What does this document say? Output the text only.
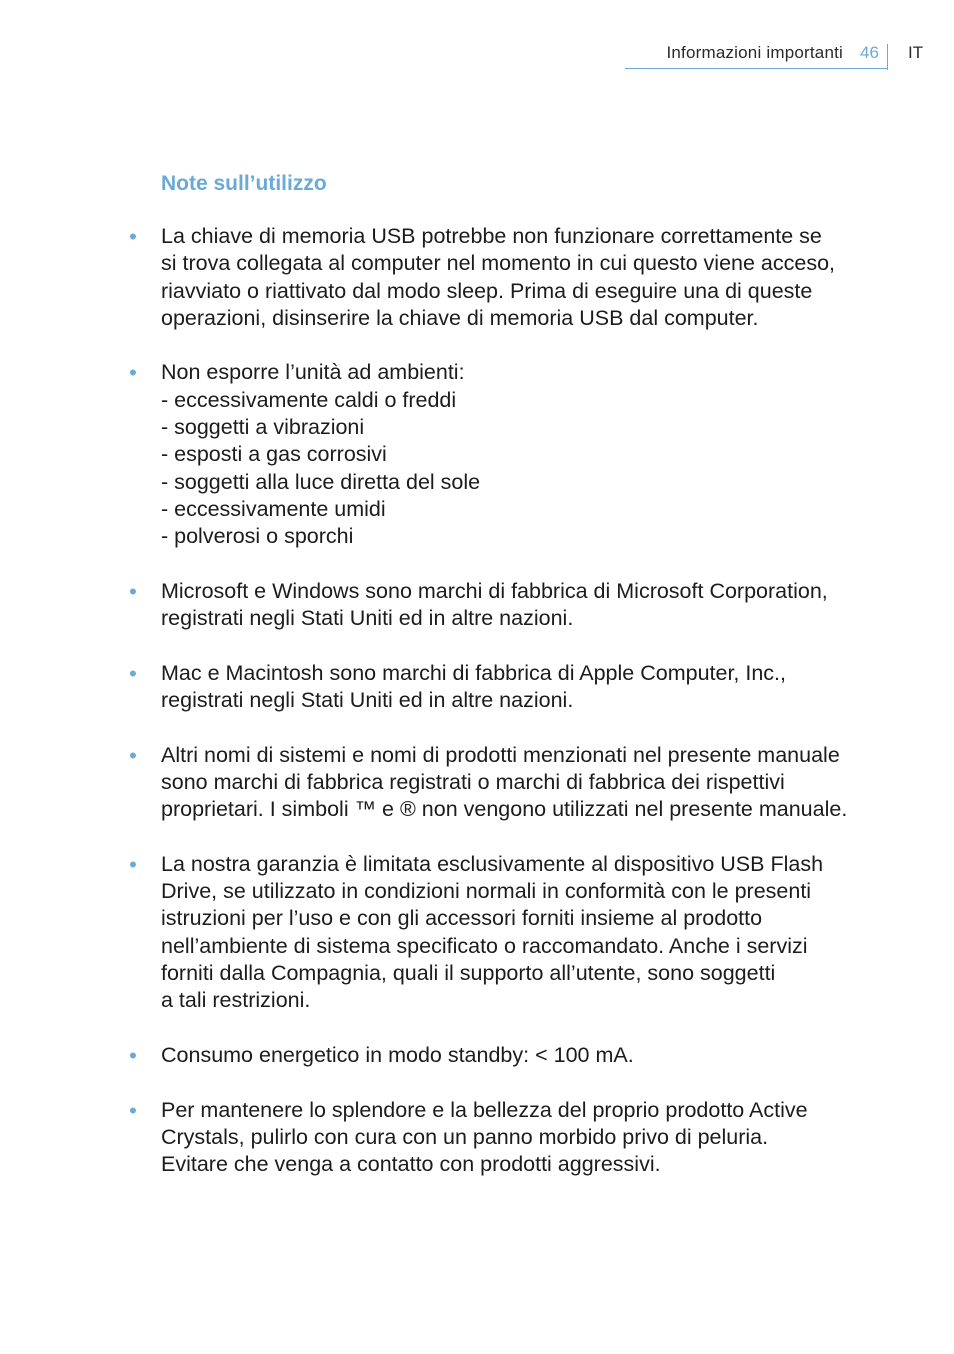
Informazioni importanti 46 IT
Note sull’utilizzo
• La chiave di memoria USB potrebbe non funzionare correttamente se
si trova collegata al computer nel momento in cui questo viene acceso,
riavviato o riattivato dal modo sleep. Prima di eseguire una di queste
operazioni, disinserire la chiave di memoria USB dal computer.
• Non esporre l’unità ad ambienti:
- eccessivamente caldi o freddi
- soggetti a vibrazioni
- esposti a gas corrosivi
- soggetti alla luce diretta del sole
- eccessivamente umidi
- polverosi o sporchi
• Microsoft e Windows sono marchi di fabbrica di Microsoft Corporation,
registrati negli Stati Uniti ed in altre nazioni.
• Mac e Macintosh sono marchi di fabbrica di Apple Computer, Inc.,
registrati negli Stati Uniti ed in altre nazioni.
• Altri nomi di sistemi e nomi di prodotti menzionati nel presente manuale
sono marchi di fabbrica registrati o marchi di fabbrica dei rispettivi
proprietari. I simboli ™ e ® non vengono utilizzati nel presente manuale.
• La nostra garanzia è limitata esclusivamente al dispositivo USB Flash
Drive, se utilizzato in condizioni normali in conformità con le presenti
istruzioni per l’uso e con gli accessori forniti insieme al prodotto
nell’ambiente di sistema specificato o raccomandato. Anche i servizi
forniti dalla Compagnia, quali il supporto all’utente, sono soggetti
a tali restrizioni.
• Consumo energetico in modo standby: < 100 mA.
• Per mantenere lo splendore e la bellezza del proprio prodotto Active
Crystals, pulirlo con cura con un panno morbido privo di peluria.
Evitare che venga a contatto con prodotti aggressivi.
